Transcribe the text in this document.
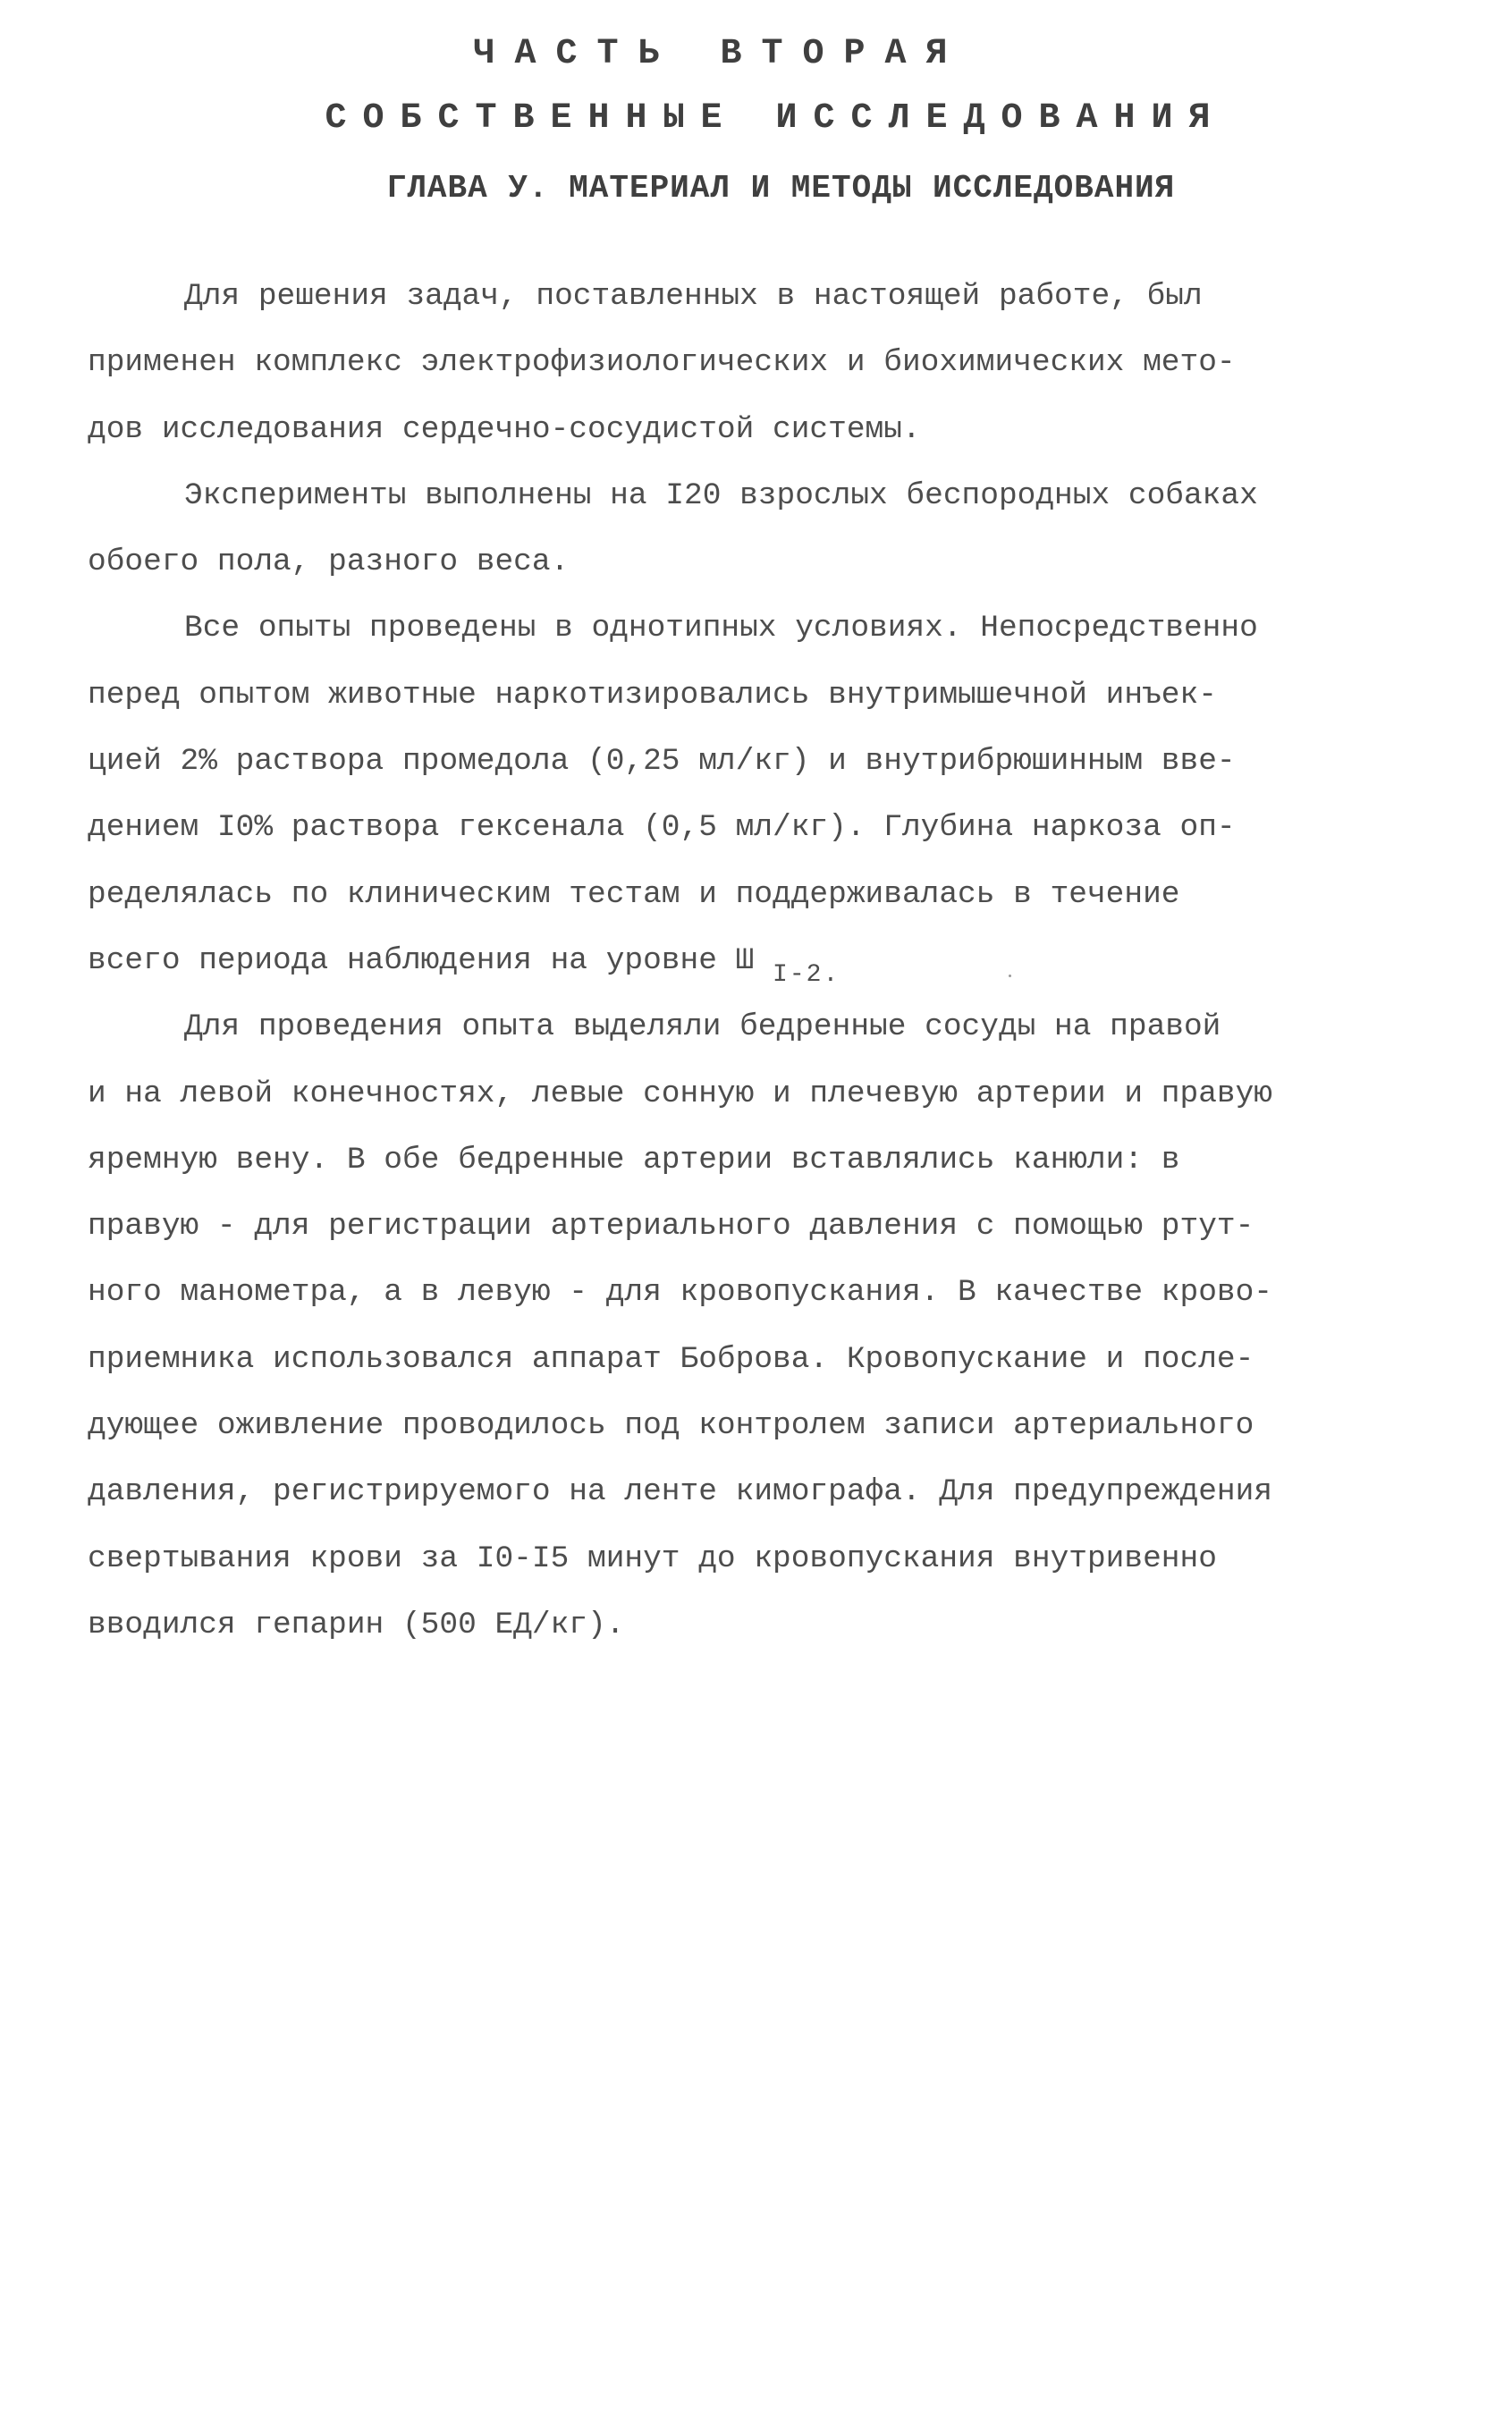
ЧАСТЬ ВТОРАЯ
СОБСТВЕННЫЕ ИССЛЕДОВАНИЯ
ГЛАВА У. МАТЕРИАЛ И МЕТОДЫ ИССЛЕДОВАНИЯ
Для решения задач, поставленных в настоящей работе, был
применен комплекс электрофизиологических и биохимических мето-
дов исследования сердечно-сосудистой системы.
Эксперименты выполнены на I20 взрослых беспородных собаках
обоего пола, разного веса.
Все опыты проведены в однотипных условиях. Непосредственно
перед опытом животные наркотизировались внутримышечной инъек-
цией 2% раствора промедола (0,25 мл/кг) и внутрибрюшинным вве-
дением I0% раствора гексенала (0,5 мл/кг). Глубина наркоза оп-
ределялась по клиническим тестам и поддерживалась в течение
всего периода наблюдения на уровне Ш $_{I-2.}$
Для проведения опыта выделяли бедренные сосуды на правой
и на левой конечностях, левые сонную и плечевую артерии и правую
яремную вену. В обе бедренные артерии вставлялись канюли: в
правую - для регистрации артериального давления с помощью ртут-
ного манометра, а в левую - для кровопускания. В качестве крово-
приемника использовался аппарат Боброва. Кровопускание и после-
дующее оживление проводилось под контролем записи артериального
давления, регистрируемого на ленте кимографа. Для предупреждения
свертывания крови за I0-I5 минут до кровопускания внутривенно
вводился гепарин (500 ЕД/кг).
